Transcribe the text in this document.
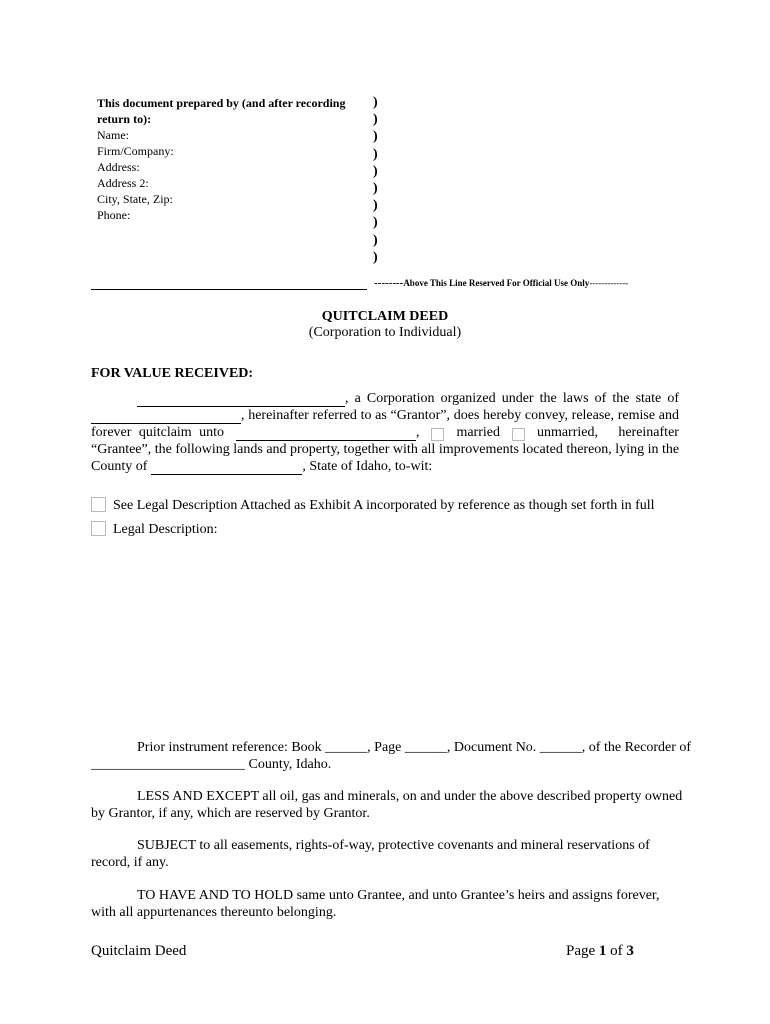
This document prepared by (and after recording
return to):
Name:
Firm/Company:
Address:
Address 2:
City, State, Zip:
Phone:
)
)
)
)
)
)
)
)
)
)
--------Above This Line Reserved For Official Use Only-------------
QUITCLAIM DEED
(Corporation to Individual)
FOR VALUE RECEIVED:
, a Corporation organized under the laws of the state of
, hereinafter referred to as “Grantor”, does hereby convey, release, remise and
forever quitclaim unto	,	married	unmarried, hereinafter
“Grantee”, the following lands and property, together with all improvements located thereon, lying in the
County of	, State of Idaho, to-wit:
See Legal Description Attached as Exhibit A incorporated by reference as though set forth in full
Legal Description:
Prior instrument reference: Book ______, Page ______, Document No. ______, of the Recorder of
______________________ County, Idaho.
LESS AND EXCEPT all oil, gas and minerals, on and under the above described property owned
by Grantor, if any, which are reserved by Grantor.
SUBJECT to all easements, rights-of-way, protective covenants and mineral reservations of
record, if any.
TO HAVE AND TO HOLD same unto Grantee, and unto Grantee’s heirs and assigns forever,
with all appurtenances thereunto belonging.
Quitclaim Deed	Page 1 of 3
